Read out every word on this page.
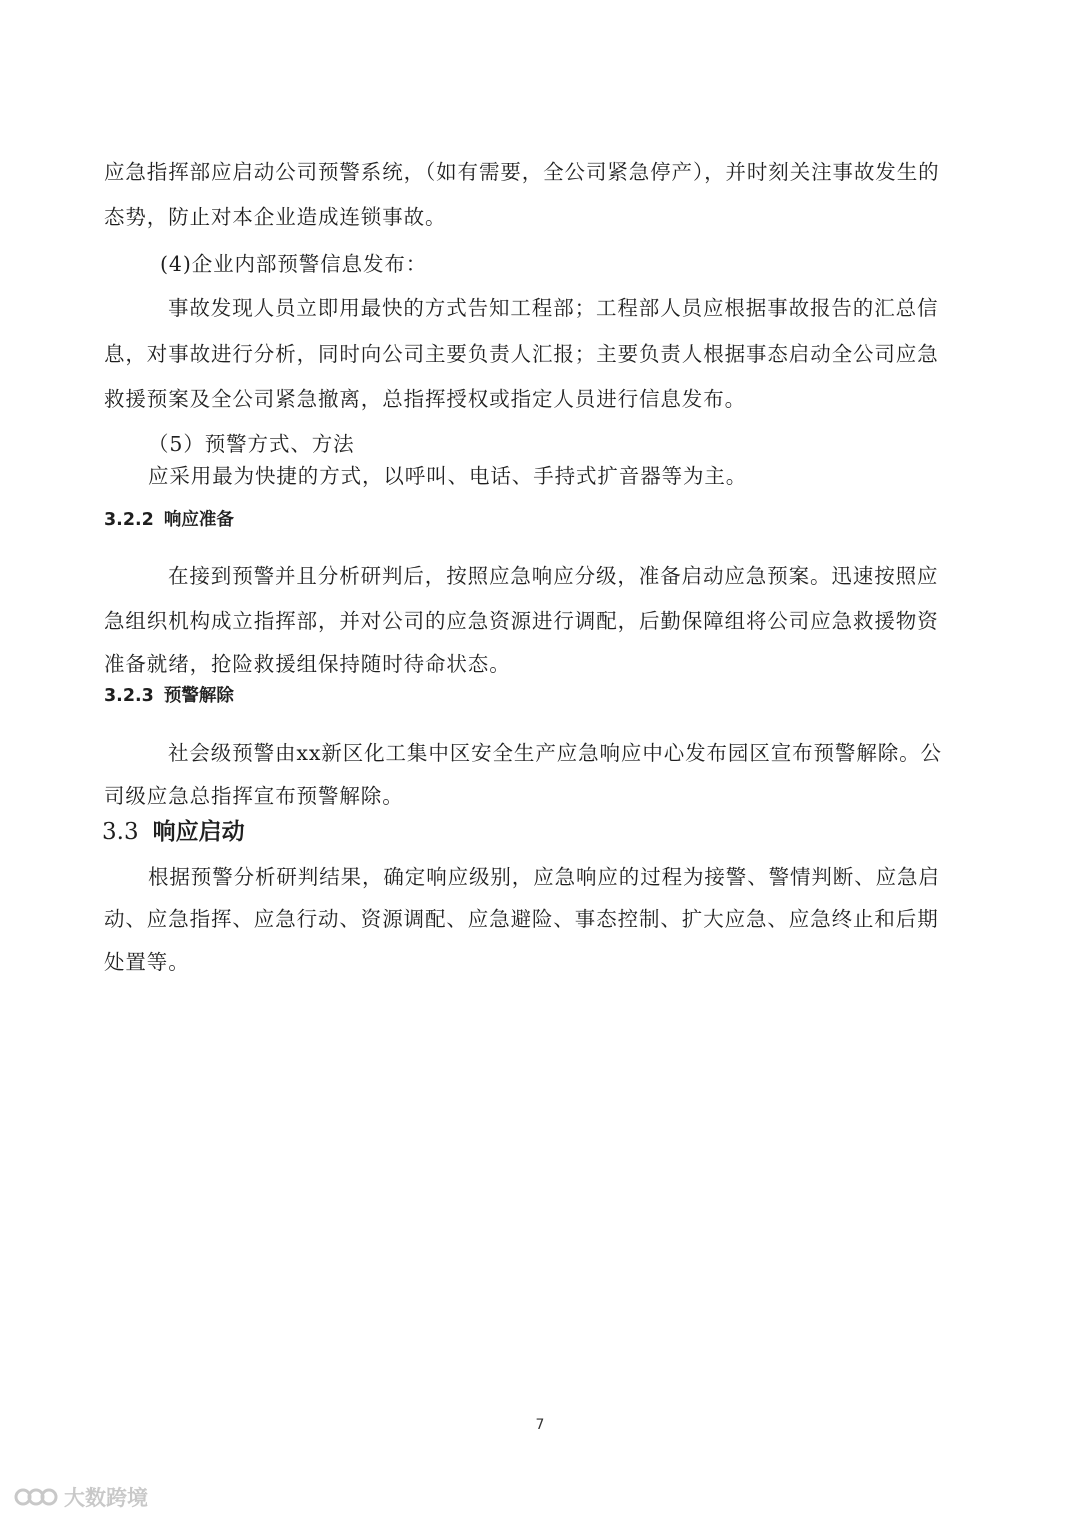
应急指挥部应启动公司预警系统，（如有需要，全公司紧急停产），并时刻关注事故发生的
态势，防止对本企业造成连锁事故。
(4)企业内部预警信息发布：
事故发现人员立即用最快的方式告知工程部；工程部人员应根据事故报告的汇总信
息，对事故进行分析，同时向公司主要负责人汇报；主要负责人根据事态启动全公司应急
救援预案及全公司紧急撤离，总指挥授权或指定人员进行信息发布。
（5）预警方式、方法
应采用最为快捷的方式，以呼叫、电话、手持式扩音器等为主。
3.2.2 响应准备
在接到预警并且分析研判后，按照应急响应分级，准备启动应急预案。迅速按照应
急组织机构成立指挥部，并对公司的应急资源进行调配，后勤保障组将公司应急救援物资
准备就绪，抢险救援组保持随时待命状态。
3.2.3 预警解除
社会级预警由xx新区化工集中区安全生产应急响应中心发布园区宣布预警解除。公
司级应急总指挥宣布预警解除。
3.3 响应启动
根据预警分析研判结果，确定响应级别，应急响应的过程为接警、警情判断、应急启
动、应急指挥、应急行动、资源调配、应急避险、事态控制、扩大应急、应急终止和后期
处置等。
7
大数跨境
